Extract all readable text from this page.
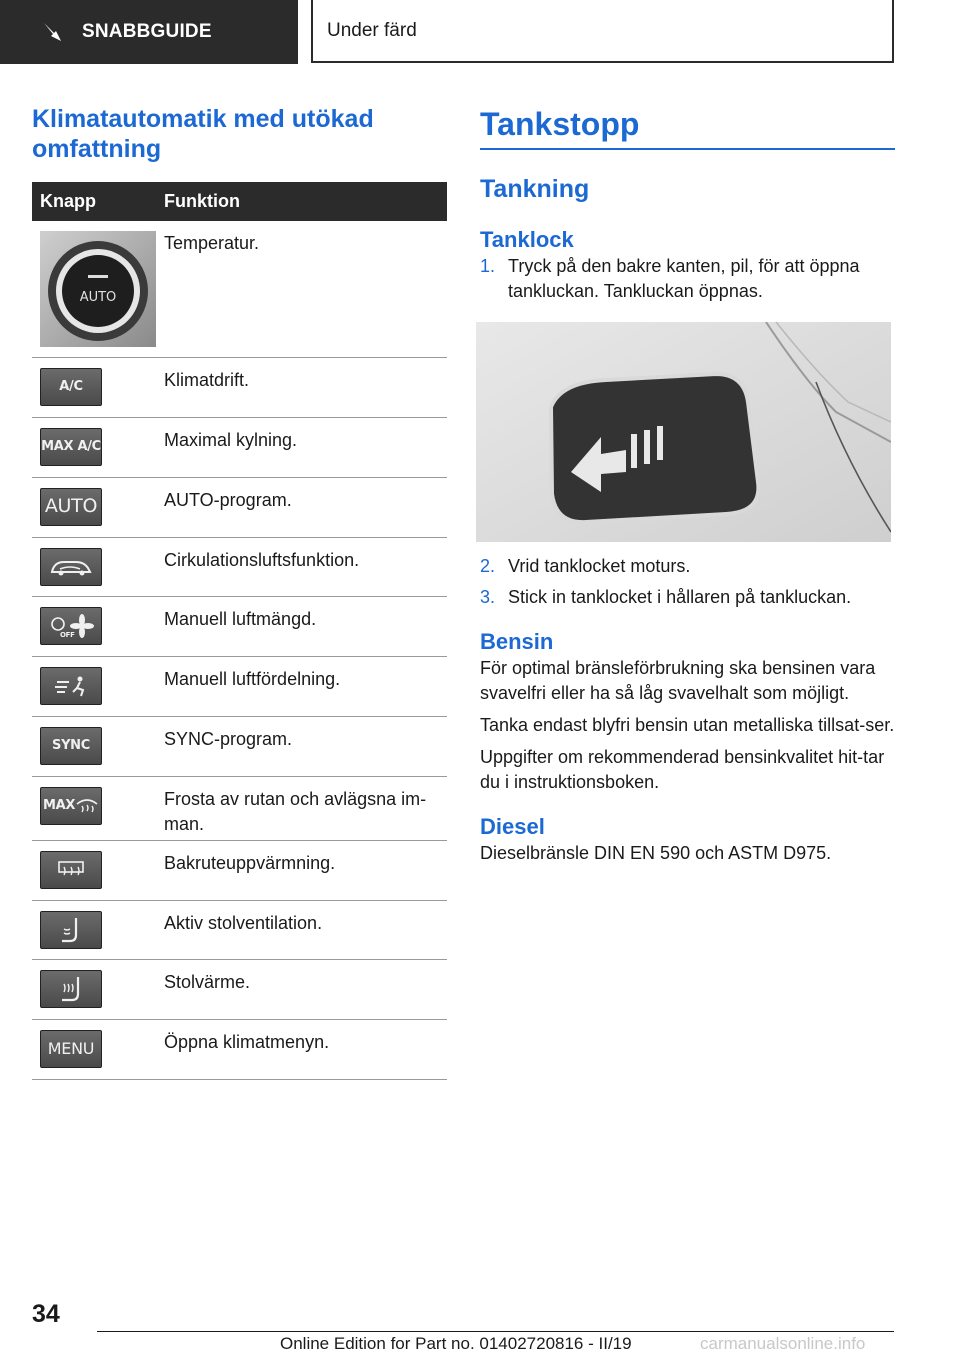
SNABBGUIDE	Under färd
Klimatautomatik med utökad omfattning
Knapp	Funktion

AUTO	Temperatur.

A/C	Klimatdrift.

MAX A/C	Maximal kylning.

AUTO	AUTO-program.

	Cirkulationsluftsfunktion.

OFF	Manuell luftmängd.

	Manuell luftfördelning.

SYNC	SYNC-program.

MAX	Frosta av rutan och avlägsna im-man.

	Bakruteuppvärmning.

	Aktiv stolventilation.

	Stolvärme.

MENU	Öppna klimatmenyn.
Tankstopp
Tankning
Tanklock
1. Tryck på den bakre kanten, pil, för att öppna tankluckan. Tankluckan öppnas.
2. Vrid tanklocket moturs.
3. Stick in tanklocket i hållaren på tankluckan.
Bensin

För optimal bränsleförbrukning ska bensinen vara svavelfri eller ha så låg svavelhalt som möjligt.

Tanka endast blyfri bensin utan metalliska tillsat-ser.

Uppgifter om rekommenderad bensinkvalitet hit-tar du i instruktionsboken.

Diesel

Dieselbränsle DIN EN 590 och ASTM D975.

34
Online Edition for Part no. 01402720816 - II/19	carmanualsonline.info
